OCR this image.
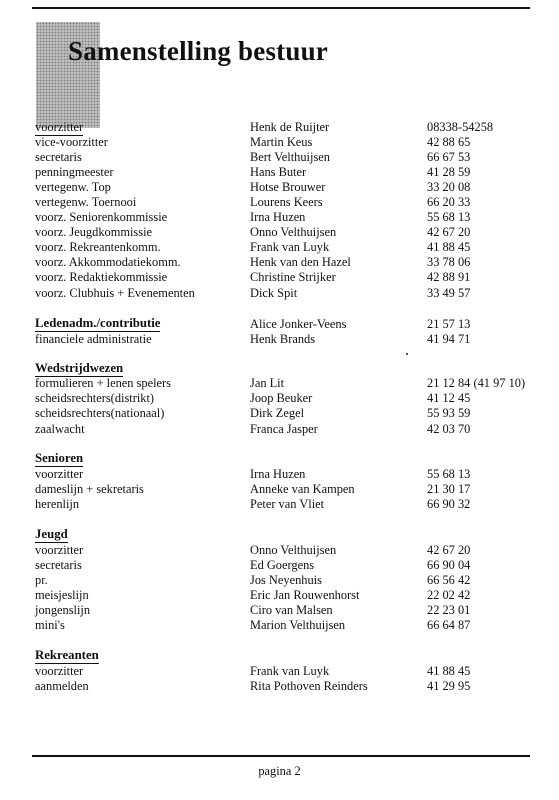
Samenstelling bestuur
voorzitter	Henk de Ruijter	08338-54258
vice-voorzitter	Martin Keus	42 88 65
secretaris	Bert Velthuijsen	66 67 53
penningmeester	Hans Buter	41 28 59
vertegenw. Top	Hotse Brouwer	33 20 08
vertegenw. Toernooi	Lourens Keers	66 20 33
voorz. Seniorenkommissie	Irna Huzen	55 68 13
voorz. Jeugdkommissie	Onno Velthuijsen	42 67 20
voorz. Rekreantenkomm.	Frank van Luyk	41 88 45
voorz. Akkommodatiekomm.	Henk van den Hazel	33 78 06
voorz. Redaktiekommissie	Christine Strijker	42 88 91
voorz. Clubhuis + Evenementen	Dick Spit	33 49 57
Ledenadm./contributie	Alice Jonker-Veens	21 57 13
financiele administratie	Henk Brands	41 94 71
Wedstrijdwezen
formulieren + lenen spelers	Jan Lit	21 12 84 (41 97 10)
scheidsrechters(distrikt)	Joop Beuker	41 12 45
scheidsrechters(nationaal)	Dirk Zegel	55 93 59
zaalwacht	Franca Jasper	42 03 70
Senioren
voorzitter	Irna Huzen	55 68 13
dameslijn + sekretaris	Anneke van Kampen	21 30 17
herenlijn	Peter van Vliet	66 90 32
Jeugd
voorzitter	Onno Velthuijsen	42 67 20
secretaris	Ed Goergens	66 90 04
pr.	Jos Neyenhuis	66 56 42
meisjeslijn	Eric Jan Rouwenhorst	22 02 42
jongenslijn	Ciro van Malsen	22 23 01
mini's	Marion Velthuijsen	66 64 87
Rekreanten
voorzitter	Frank van Luyk	41 88 45
aanmelden	Rita Pothoven Reinders	41 29 95
pagina 2
